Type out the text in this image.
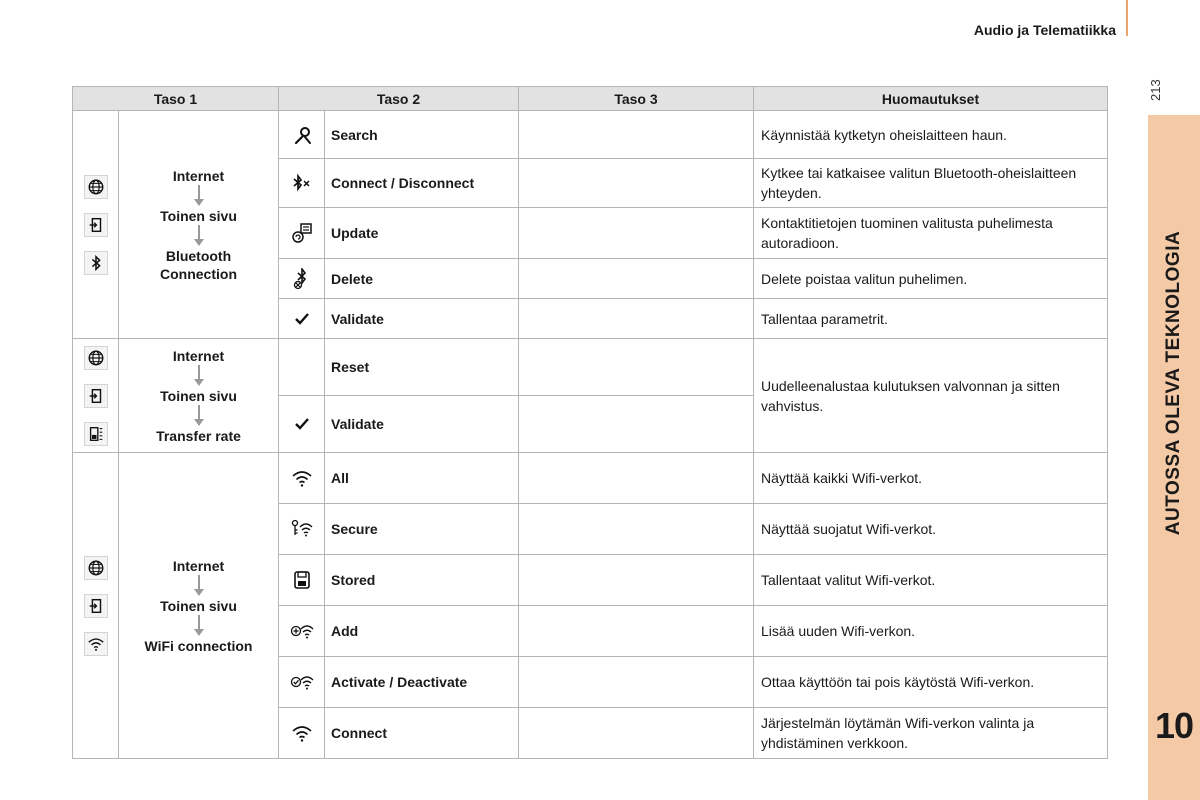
Audio ja Telematiikka
213
AUTOSSA OLEVA TEKNOLOGIA
10
Taso 1		Taso 2		Taso 3	Huomautukset

Internet
Toinen sivu
Bluetooth Connection		Search		Käynnistää kytketyn oheislaitteen haun.
	Connect / Disconnect		Kytkee tai katkaisee valitun Bluetooth-oheislaitteen yhteyden.
	Update		Kontaktitietojen tuominen valitusta puhelimesta autoradioon.
	Delete		Delete poistaa valitun puhelimen.
	Validate		Tallentaa parametrit.

Internet
Toinen sivu
Transfer rate		Reset		Uudelleenalustaa kulutuksen valvonnan ja sitten vahvistus.
	Validate		

Internet
Toinen sivu
WiFi connection		All		Näyttää kaikki Wifi-verkot.
	Secure		Näyttää suojatut Wifi-verkot.
	Stored		Tallentaat valitut Wifi-verkot.
	Add		Lisää uuden Wifi-verkon.
	Activate / Deactivate		Ottaa käyttöön tai pois käytöstä Wifi-verkon.
	Connect		Järjestelmän löytämän Wifi-verkon valinta ja yhdistäminen verkkoon.
